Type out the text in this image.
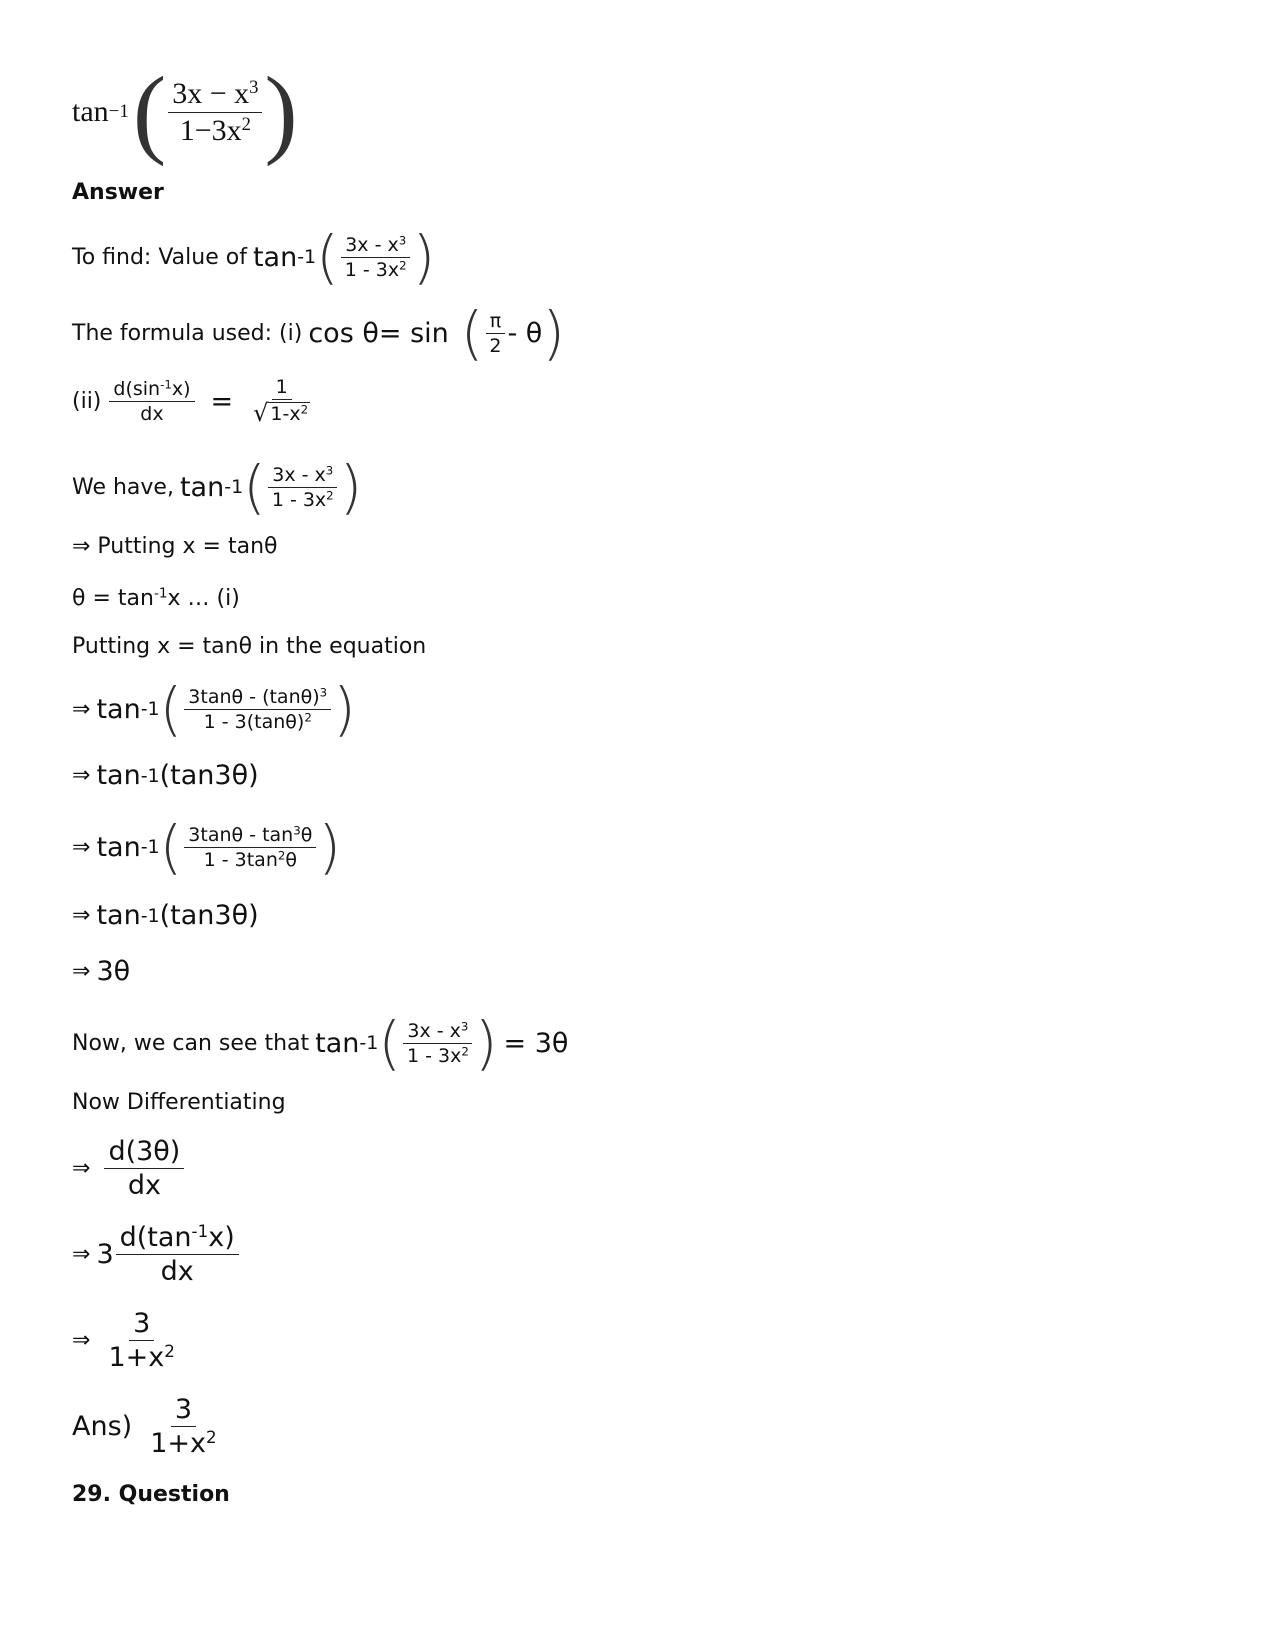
tan −1 ( $\frac{3x - x^3}{1-3x^2}$ )
Answer
To find: Value of tan -1 ( $\frac{3x - x^3}{1 - 3x^2}$ )
The formula used: (i) cos θ= sin ( $\frac{\pi}{2}$ - θ )
$(ii) \frac{d(\sin^{-1}x)}{dx} = \frac{1}{√ 1-x^2}$
We have, tan -1 ( $\frac{3x - x^3}{1 - 3x^2}$ )
⇒ Putting x = tanθ
$\theta = \tan^{-1}x$ … (i)
Putting x = tanθ in the equation
⇒ tan -1 ( $\frac{3\tan\theta - (\tan\theta)^3}{1 - 3(\tan\theta)^2}$ )
⇒ tan -1 (tan3θ)
⇒ tan -1 ( $\frac{3\tan\theta - \tan^3\theta}{1 - 3\tan^2\theta}$ )
⇒ tan -1 (tan3θ)
⇒ 3θ
Now, we can see that tan -1 ( $\frac{3x - x^3}{1 - 3x^2}$ ) = 3θ
Now Differentiating
⇒ $\frac{d(3\theta)}{dx}$
⇒ $3 \frac{d(\tan^{-1}x)}{dx}$
⇒ $\frac{3}{1+x^2}$
$Ans) \frac{3}{1+x^2}$
29. Question
